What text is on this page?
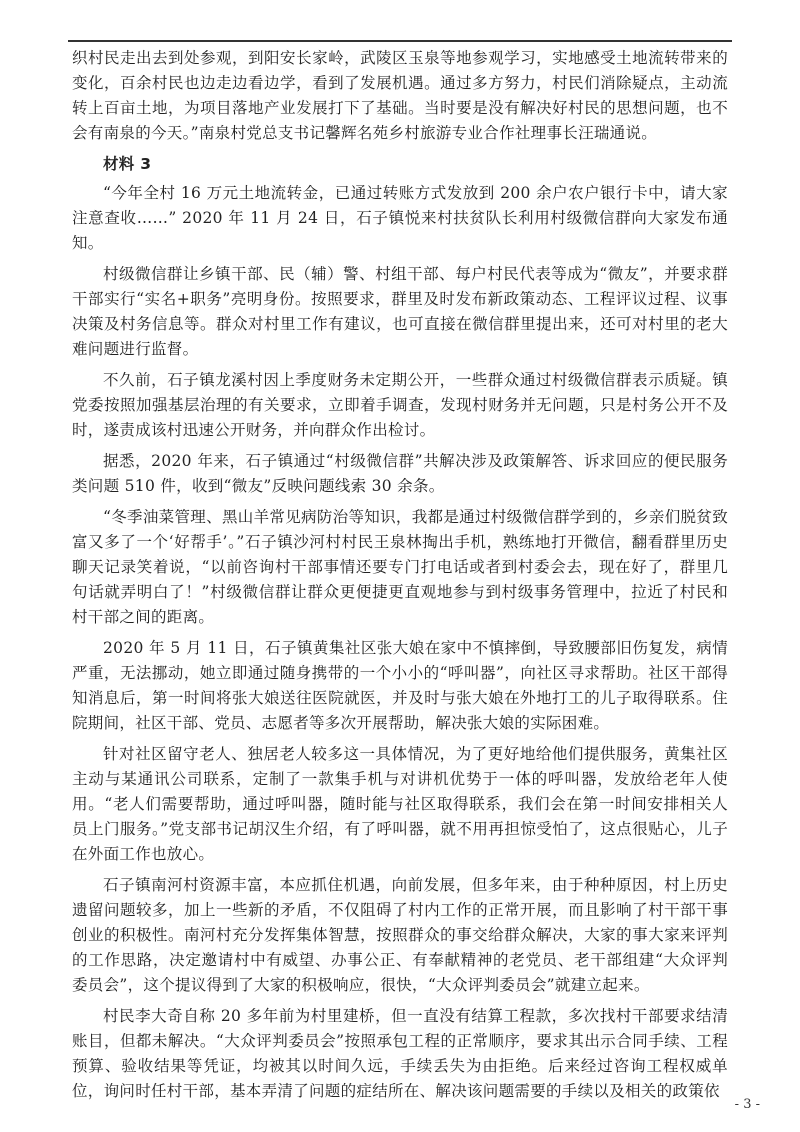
织村民走出去到处参观，到阳安长家岭，武陵区玉泉等地参观学习，实地感受土地流转带来的变化，百余村民也边走边看边学，看到了发展机遇。通过多方努力，村民们消除疑点，主动流转上百亩土地，为项目落地产业发展打下了基础。当时要是没有解决好村民的思想问题，也不会有南泉的今天。”南泉村党总支书记馨辉名苑乡村旅游专业合作社理事长汪瑞通说。

材料 3

“今年全村 16 万元土地流转金，已通过转账方式发放到 200 余户农户银行卡中，请大家注意查收……” 2020 年 11 月 24 日，石子镇悦来村扶贫队长利用村级微信群向大家发布通知。

村级微信群让乡镇干部、民（辅）警、村组干部、每户村民代表等成为“微友”，并要求群干部实行“实名+职务”亮明身份。按照要求，群里及时发布新政策动态、工程评议过程、议事决策及村务信息等。群众对村里工作有建议，也可直接在微信群里提出来，还可对村里的老大难问题进行监督。

不久前，石子镇龙溪村因上季度财务未定期公开，一些群众通过村级微信群表示质疑。镇党委按照加强基层治理的有关要求，立即着手调查，发现村财务并无问题，只是村务公开不及时，遂责成该村迅速公开财务，并向群众作出检讨。

据悉，2020 年来，石子镇通过“村级微信群”共解决涉及政策解答、诉求回应的便民服务类问题 510 件，收到“微友”反映问题线索 30 余条。

“冬季油菜管理、黑山羊常见病防治等知识，我都是通过村级微信群学到的，乡亲们脱贫致富又多了一个‘好帮手’。”石子镇沙河村村民王泉林掏出手机，熟练地打开微信，翻看群里历史聊天记录笑着说，“以前咨询村干部事情还要专门打电话或者到村委会去，现在好了，群里几句话就弄明白了！”村级微信群让群众更便捷更直观地参与到村级事务管理中，拉近了村民和村干部之间的距离。

2020 年 5 月 11 日，石子镇黄集社区张大娘在家中不慎摔倒，导致腰部旧伤复发，病情严重，无法挪动，她立即通过随身携带的一个小小的“呼叫器”，向社区寻求帮助。社区干部得知消息后，第一时间将张大娘送往医院就医，并及时与张大娘在外地打工的儿子取得联系。住院期间，社区干部、党员、志愿者等多次开展帮助，解决张大娘的实际困难。

针对社区留守老人、独居老人较多这一具体情况，为了更好地给他们提供服务，黄集社区主动与某通讯公司联系，定制了一款集手机与对讲机优势于一体的呼叫器，发放给老年人使用。“老人们需要帮助，通过呼叫器，随时能与社区取得联系，我们会在第一时间安排相关人员上门服务。”党支部书记胡汉生介绍，有了呼叫器，就不用再担惊受怕了，这点很贴心，儿子在外面工作也放心。

石子镇南河村资源丰富，本应抓住机遇，向前发展，但多年来，由于种种原因，村上历史遗留问题较多，加上一些新的矛盾，不仅阻碍了村内工作的正常开展，而且影响了村干部干事创业的积极性。南河村充分发挥集体智慧，按照群众的事交给群众解决，大家的事大家来评判的工作思路，决定邀请村中有威望、办事公正、有奉献精神的老党员、老干部组建“大众评判委员会”，这个提议得到了大家的积极响应，很快，“大众评判委员会”就建立起来。

村民李大奇自称 20 多年前为村里建桥，但一直没有结算工程款，多次找村干部要求结清账目，但都未解决。“大众评判委员会”按照承包工程的正常顺序，要求其出示合同手续、工程预算、验收结果等凭证，均被其以时间久远，手续丢失为由拒绝。后来经过咨询工程权威单位，询问时任村干部，基本弄清了问题的症结所在、解决该问题需要的手续以及相关的政策依

- 3 -
